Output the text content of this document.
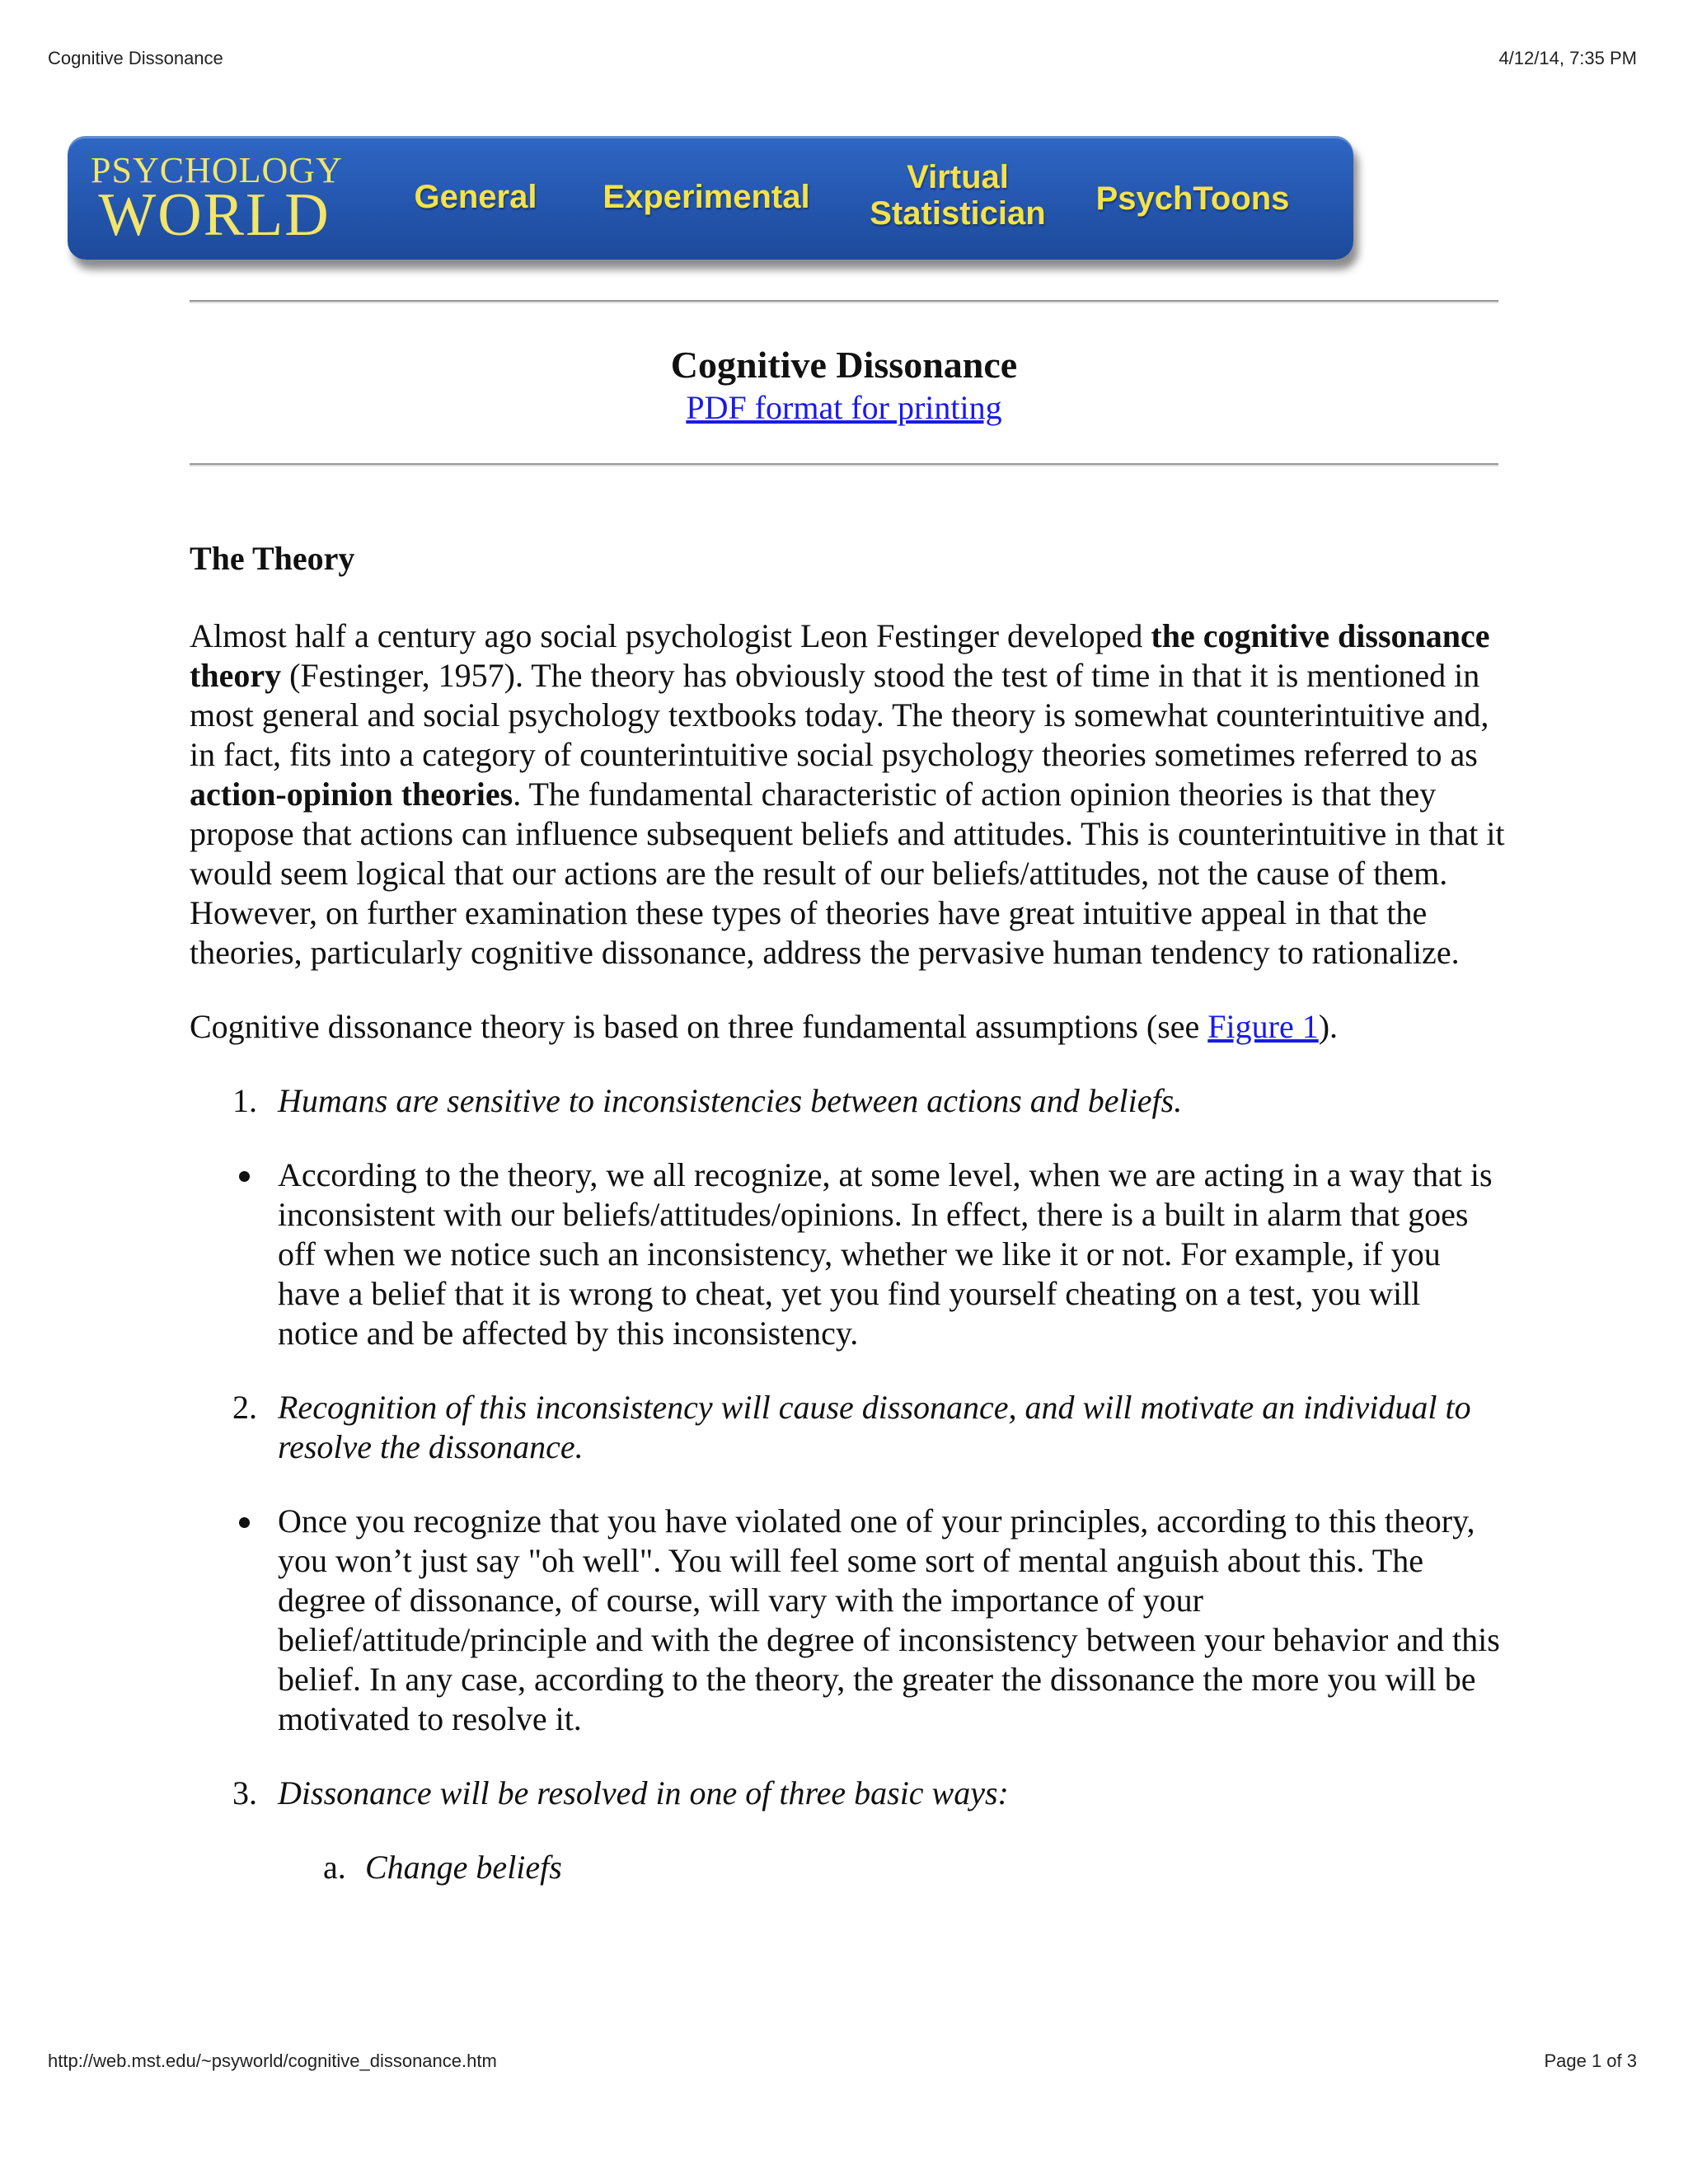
Cognitive Dissonance	4/12/14, 7:35 PM
PSYCHOLOGY
WORLD	General	Experimental
Virtual
Statistician	PsychToons
Cognitive Dissonance
PDF format for printing
The Theory

Almost half a century ago social psychologist Leon Festinger developed the cognitive dissonance theory (Festinger, 1957). The theory has obviously stood the test of time in that it is mentioned in most general and social psychology textbooks today. The theory is somewhat counterintuitive and, in fact, fits into a category of counterintuitive social psychology theories sometimes referred to as action-opinion theories. The fundamental characteristic of action opinion theories is that they propose that actions can influence subsequent beliefs and attitudes. This is counterintuitive in that it would seem logical that our actions are the result of our beliefs/attitudes, not the cause of them. However, on further examination these types of theories have great intuitive appeal in that the theories, particularly cognitive dissonance, address the pervasive human tendency to rationalize.

Cognitive dissonance theory is based on three fundamental assumptions (see Figure 1).

1. Humans are sensitive to inconsistencies between actions and beliefs.
According to the theory, we all recognize, at some level, when we are acting in a way that is inconsistent with our beliefs/attitudes/opinions. In effect, there is a built in alarm that goes off when we notice such an inconsistency, whether we like it or not. For example, if you have a belief that it is wrong to cheat, yet you find yourself cheating on a test, you will notice and be affected by this inconsistency.
2. Recognition of this inconsistency will cause dissonance, and will motivate an individual to resolve the dissonance.
Once you recognize that you have violated one of your principles, according to this theory, you won’t just say "oh well". You will feel some sort of mental anguish about this. The degree of dissonance, of course, will vary with the importance of your belief/attitude/principle and with the degree of inconsistency between your behavior and this belief. In any case, according to the theory, the greater the dissonance the more you will be motivated to resolve it.
3. Dissonance will be resolved in one of three basic ways:
a. Change beliefs
http://web.mst.edu/~psyworld/cognitive_dissonance.htm	Page 1 of 3
